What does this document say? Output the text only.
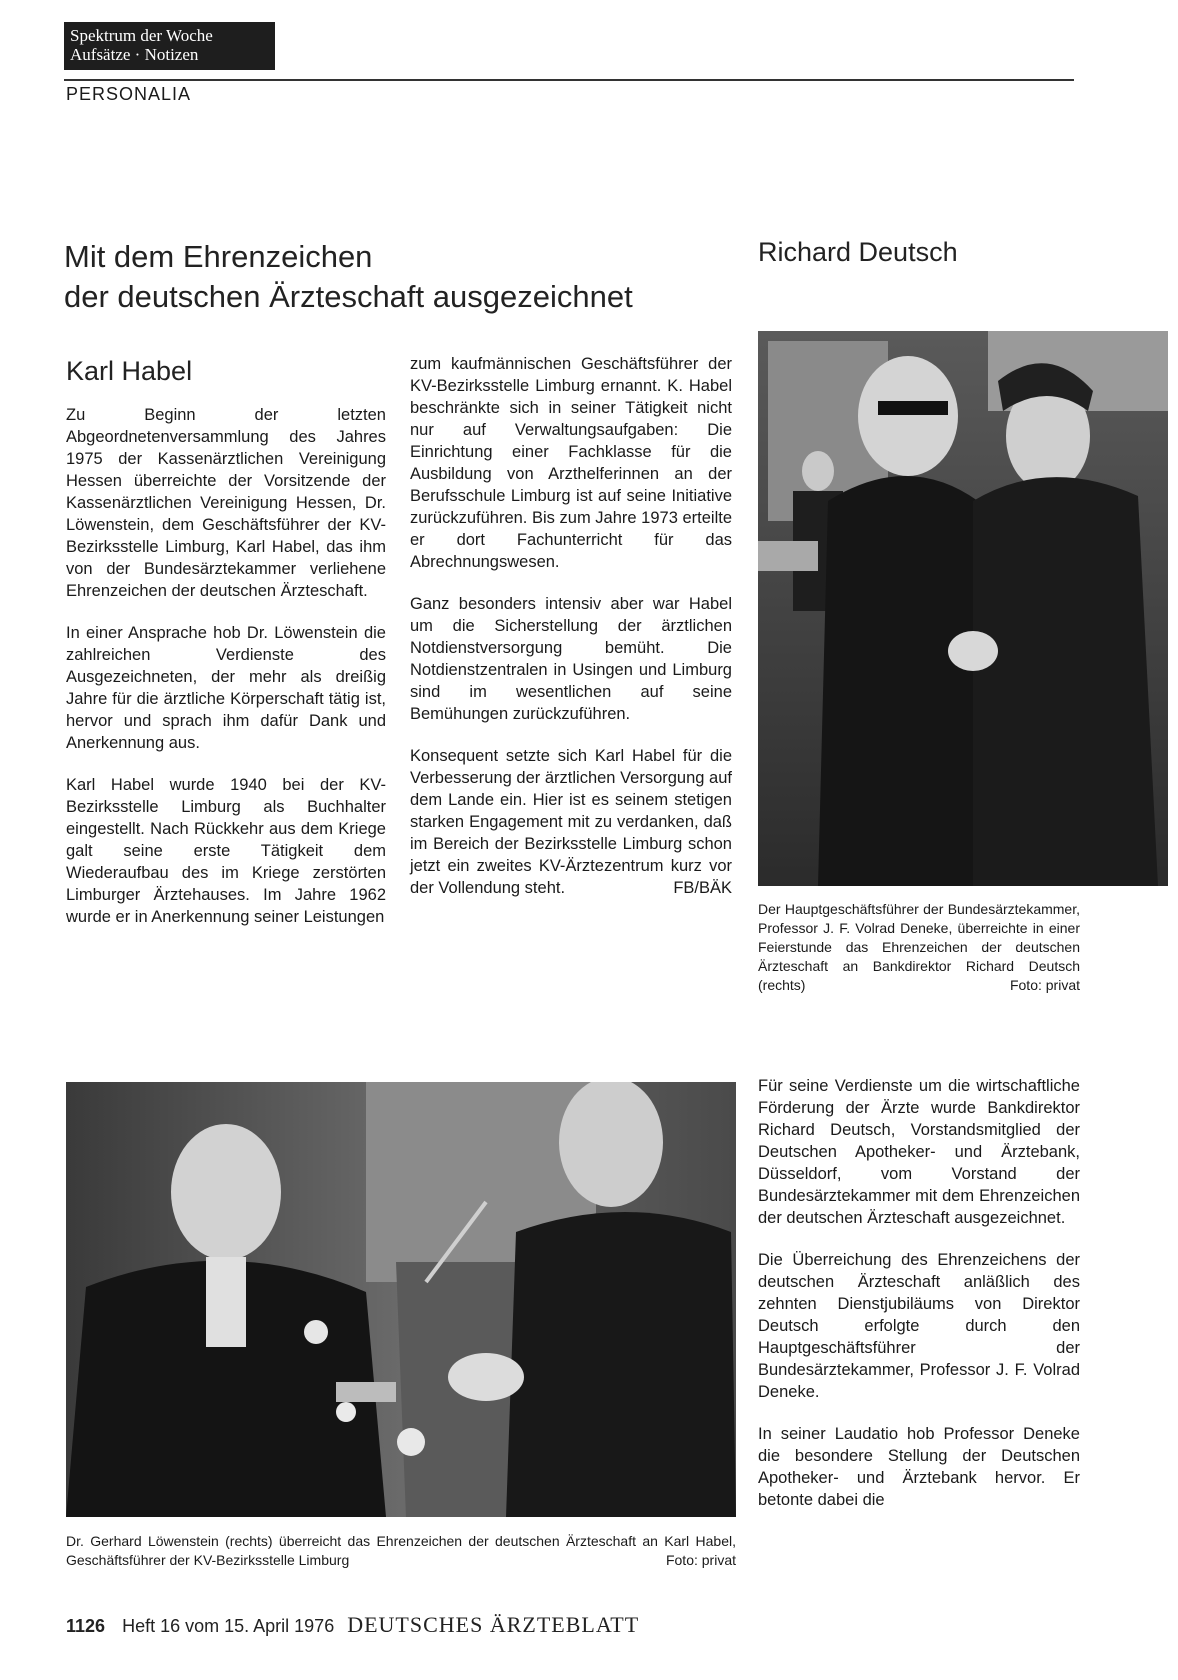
Spektrum der Woche
Aufsätze · Notizen
PERSONALIA
Mit dem Ehrenzeichen
der deutschen Ärzteschaft ausgezeichnet
Richard Deutsch
Karl Habel

Zu Beginn der letzten Abgeordnetenversammlung des Jahres 1975 der Kassenärztlichen Vereinigung Hessen überreichte der Vorsitzende der Kassenärztlichen Vereinigung Hessen, Dr. Löwenstein, dem Geschäftsführer der KV-Bezirksstelle Limburg, Karl Habel, das ihm von der Bundesärztekammer verliehene Ehrenzeichen der deutschen Ärzteschaft.

In einer Ansprache hob Dr. Löwenstein die zahlreichen Verdienste des Ausgezeichneten, der mehr als dreißig Jahre für die ärztliche Körperschaft tätig ist, hervor und sprach ihm dafür Dank und Anerkennung aus.

Karl Habel wurde 1940 bei der KV-Bezirksstelle Limburg als Buchhalter eingestellt. Nach Rückkehr aus dem Kriege galt seine erste Tätigkeit dem Wiederaufbau des im Kriege zerstörten Limburger Ärztehauses. Im Jahre 1962 wurde er in Anerkennung seiner Leistungen

zum kaufmännischen Geschäftsführer der KV-Bezirksstelle Limburg ernannt. K. Habel beschränkte sich in seiner Tätigkeit nicht nur auf Verwaltungsaufgaben: Die Einrichtung einer Fachklasse für die Ausbildung von Arzthelferinnen an der Berufsschule Limburg ist auf seine Initiative zurückzuführen. Bis zum Jahre 1973 erteilte er dort Fachunterricht für das Abrechnungswesen.

Ganz besonders intensiv aber war Habel um die Sicherstellung der ärztlichen Notdienstversorgung bemüht. Die Notdienstzentralen in Usingen und Limburg sind im wesentlichen auf seine Bemühungen zurückzuführen.

Konsequent setzte sich Karl Habel für die Verbesserung der ärztlichen Versorgung auf dem Lande ein. Hier ist es seinem stetigen starken Engagement mit zu verdanken, daß im Bereich der Bezirksstelle Limburg schon jetzt ein zweites KV-Ärztezentrum kurz vor der Vollendung steht.	FB/BÄK

Der Hauptgeschäftsführer der Bundesärztekammer, Professor J. F. Volrad Deneke, überreichte in einer Feierstunde das Ehrenzeichen der deutschen Ärzteschaft an Bankdirektor Richard Deutsch (rechts)	Foto: privat
Dr. Gerhard Löwenstein (rechts) überreicht das Ehrenzeichen der deutschen Ärzteschaft an Karl Habel, Geschäftsführer der KV-Bezirksstelle Limburg	Foto: privat

Für seine Verdienste um die wirtschaftliche Förderung der Ärzte wurde Bankdirektor Richard Deutsch, Vorstandsmitglied der Deutschen Apotheker- und Ärztebank, Düsseldorf, vom Vorstand der Bundesärztekammer mit dem Ehrenzeichen der deutschen Ärzteschaft ausgezeichnet.

Die Überreichung des Ehrenzeichens der deutschen Ärzteschaft anläßlich des zehnten Dienstjubiläums von Direktor Deutsch erfolgte durch den Hauptgeschäftsführer der Bundesärztekammer, Professor J. F. Volrad Deneke.

In seiner Laudatio hob Professor Deneke die besondere Stellung der Deutschen Apotheker- und Ärztebank hervor. Er betonte dabei die

1126 Heft 16 vom 15. April 1976 DEUTSCHES ÄRZTEBLATT
